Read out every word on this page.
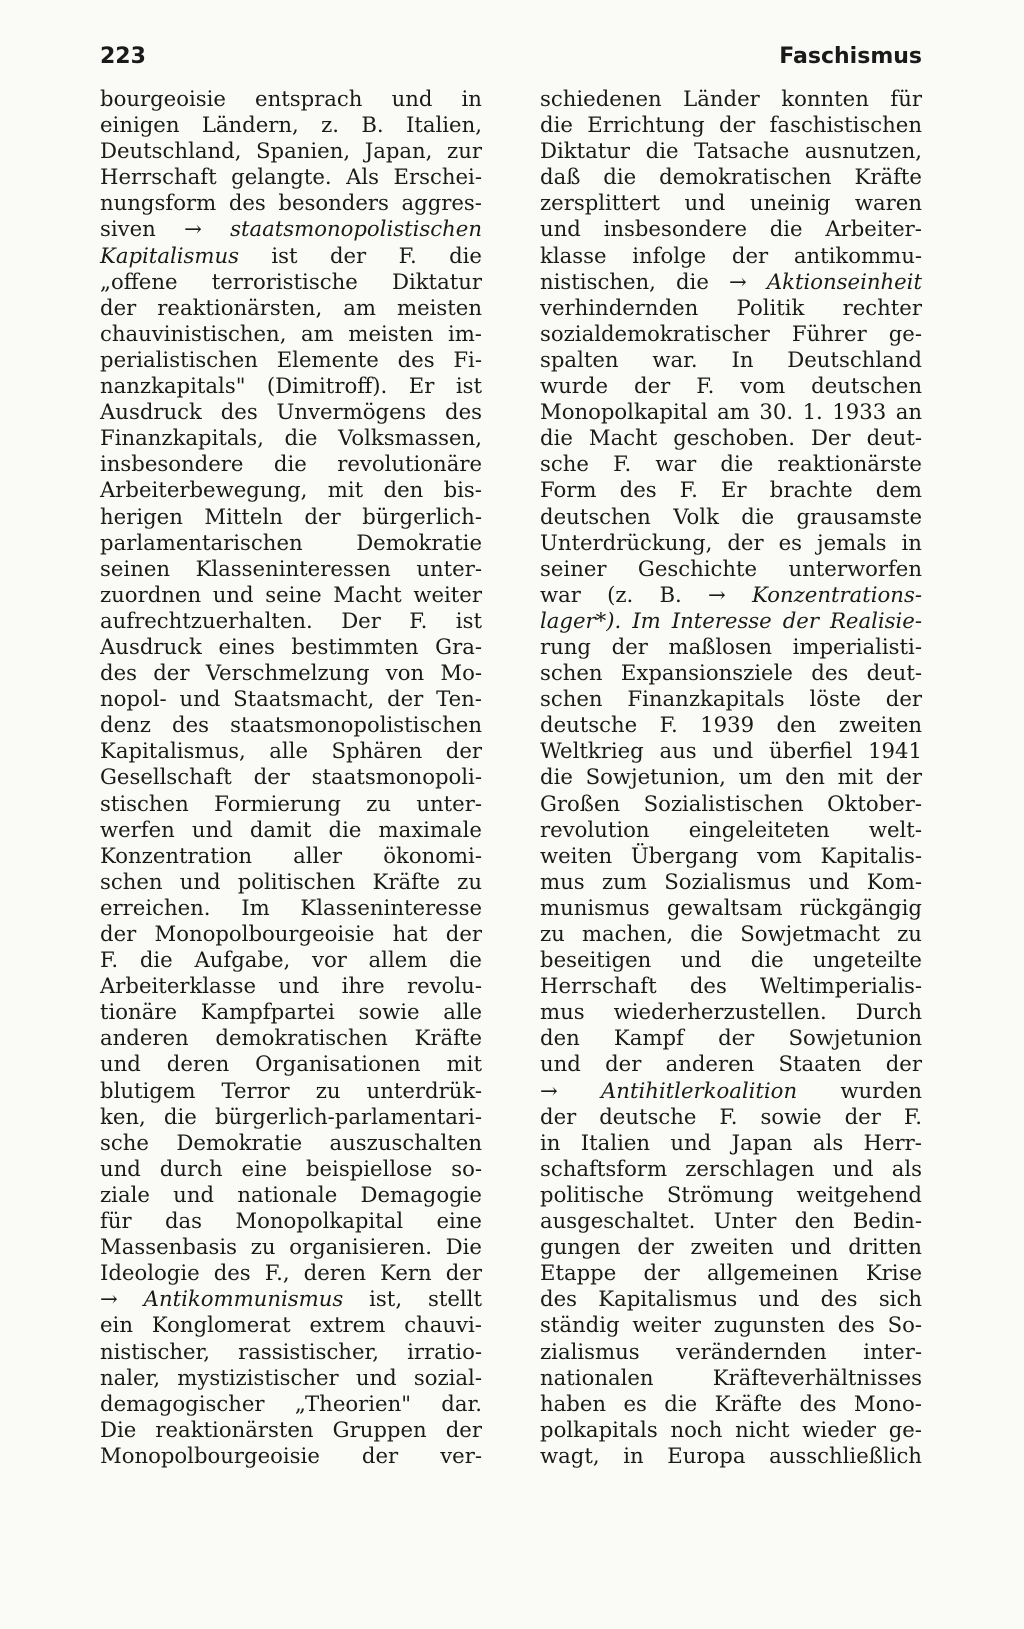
223	Faschismus
bourgeoisie entsprach und in
einigen Ländern, z. B. Italien,
Deutschland, Spanien, Japan, zur
Herrschaft gelangte. Als Erschei-
nungsform des besonders aggres-
siven → staatsmonopolistischen
Kapitalismus ist der F. die
„offene terroristische Diktatur
der reaktionärsten, am meisten
chauvinistischen, am meisten im-
perialistischen Elemente des Fi-
nanzkapitals" (Dimitroff). Er ist
Ausdruck des Unvermögens des
Finanzkapitals, die Volksmassen,
insbesondere die revolutionäre
Arbeiterbewegung, mit den bis-
herigen Mitteln der bürgerlich-
parlamentarischen	Demokratie
seinen Klasseninteressen unter-
zuordnen und seine Macht weiter
aufrechtzuerhalten. Der F. ist
Ausdruck eines bestimmten Gra-
des der Verschmelzung von Mo-
nopol- und Staatsmacht, der Ten-
denz des staatsmonopolistischen
Kapitalismus, alle Sphären der
Gesellschaft der staatsmonopoli-
stischen Formierung zu unter-
werfen und damit die maximale
Konzentration aller ökonomi-
schen und politischen Kräfte zu
erreichen. Im Klasseninteresse
der Monopolbourgeoisie hat der
F. die Aufgabe, vor allem die
Arbeiterklasse und ihre revolu-
tionäre Kampfpartei sowie alle
anderen demokratischen Kräfte
und deren Organisationen mit
blutigem Terror zu unterdrük-
ken, die bürgerlich-parlamentari-
sche Demokratie auszuschalten
und durch eine beispiellose so-
ziale und nationale Demagogie
für das Monopolkapital eine
Massenbasis zu organisieren. Die
Ideologie des F., deren Kern der
→ Antikommunismus ist, stellt
ein Konglomerat extrem chauvi-
nistischer, rassistischer, irratio-
naler, mystizistischer und sozial-
demagogischer „Theorien" dar.
Die reaktionärsten Gruppen der
Monopolbourgeoisie der ver-
schiedenen Länder konnten für
die Errichtung der faschistischen
Diktatur die Tatsache ausnutzen,
daß die demokratischen Kräfte
zersplittert und uneinig waren
und insbesondere die Arbeiter-
klasse infolge der antikommu-
nistischen, die → Aktionseinheit
verhindernden Politik rechter
sozialdemokratischer Führer ge-
spalten war. In Deutschland
wurde der F. vom deutschen
Monopolkapital am 30. 1. 1933 an
die Macht geschoben. Der deut-
sche F. war die reaktionärste
Form des F. Er brachte dem
deutschen Volk die grausamste
Unterdrückung, der es jemals in
seiner Geschichte unterworfen
war (z. B. → Konzentrations-
lager*). Im Interesse der Realisie-
rung der maßlosen imperialisti-
schen Expansionsziele des deut-
schen Finanzkapitals löste der
deutsche F. 1939 den zweiten
Weltkrieg aus und überfiel 1941
die Sowjetunion, um den mit der
Großen Sozialistischen Oktober-
revolution eingeleiteten welt-
weiten Übergang vom Kapitalis-
mus zum Sozialismus und Kom-
munismus gewaltsam rückgängig
zu machen, die Sowjetmacht zu
beseitigen und die ungeteilte
Herrschaft des Weltimperialis-
mus wiederherzustellen. Durch
den Kampf der Sowjetunion
und der anderen Staaten der
→ Antihitlerkoalition wurden
der deutsche F. sowie der F.
in Italien und Japan als Herr-
schaftsform zerschlagen und als
politische Strömung weitgehend
ausgeschaltet. Unter den Bedin-
gungen der zweiten und dritten
Etappe der allgemeinen Krise
des Kapitalismus und des sich
ständig weiter zugunsten des So-
zialismus verändernden inter-
nationalen	Kräfteverhältnisses
haben es die Kräfte des Mono-
polkapitals noch nicht wieder ge-
wagt, in Europa ausschließlich
